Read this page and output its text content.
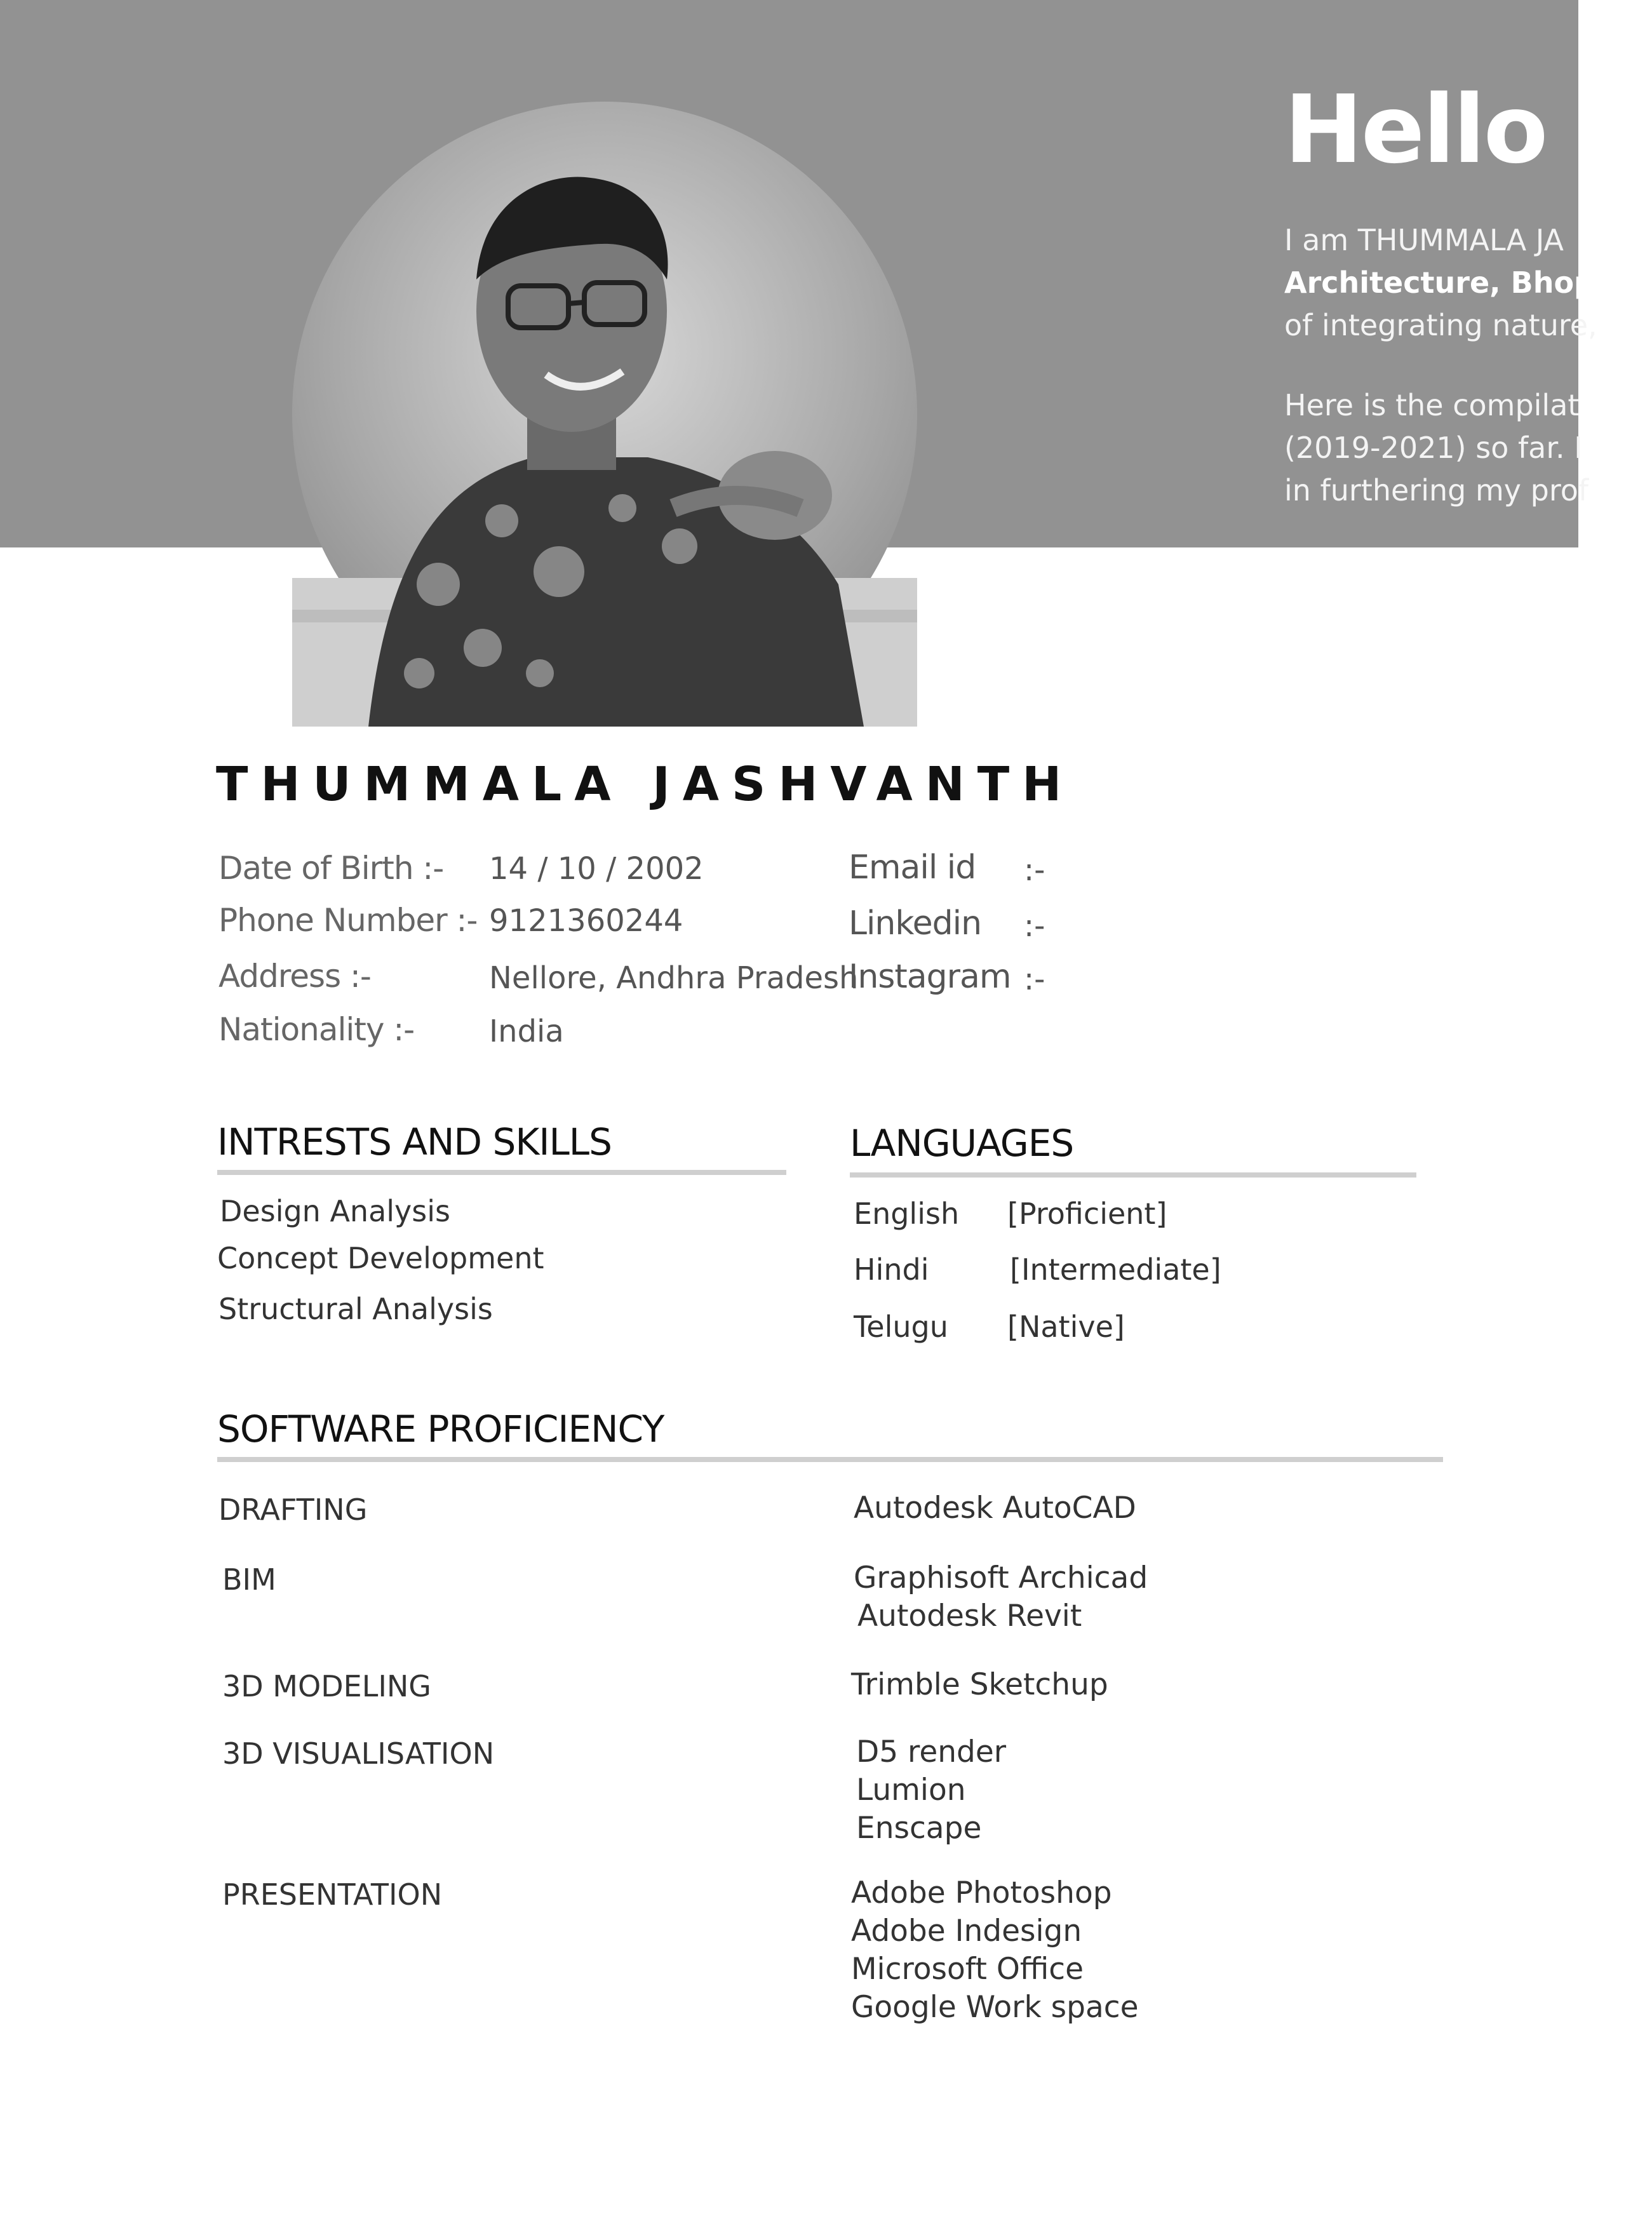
Hello !.
I am THUMMALA JA
Architecture, Bhopa
of integrating nature,
Here is the compilat
(2019-2021) so far. I
in furthering my prof
THUMMALA JASHVANTH
Date of Birth :- 14 / 10 / 2002
Phone Number :- 9121360244
Address :-	Nellore, Andhra Pradesh
Nationality :- India
Email id :-
Linkedin :-
Instagram :-
INTRESTS AND SKILLS
Design Analysis
Concept Development
Structural Analysis
LANGUAGES
English [Proficient]
Hindi	[Intermediate]
Telugu [Native]
SOFTWARE PROFICIENCY
DRAFTING	Autodesk AutoCAD
BIM	Graphisoft Archicad
Autodesk Revit
3D MODELING	Trimble Sketchup
3D VISUALISATION	D5 render
Lumion
Enscape
PRESENTATION	Adobe Photoshop
Adobe Indesign
Microsoft Office
Google Work space
